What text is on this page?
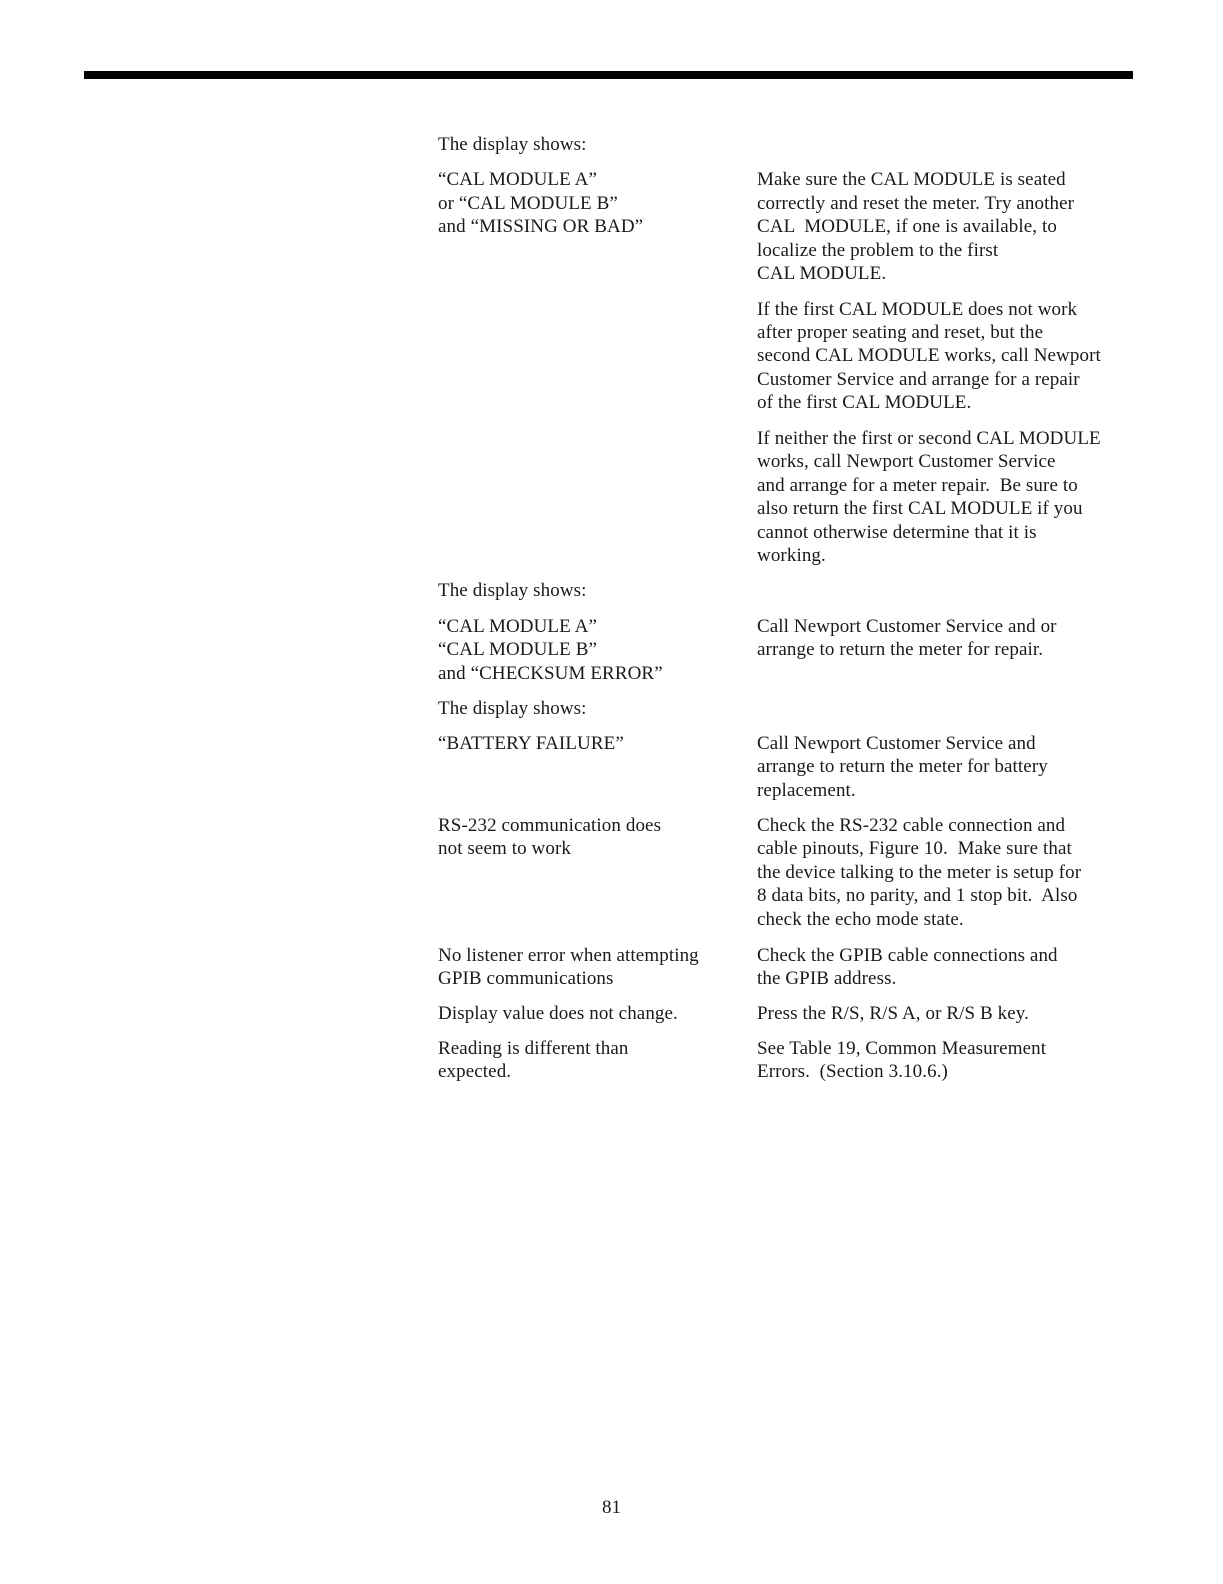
The display shows:
“CAL MODULE A”
or “CAL MODULE B”
and “MISSING OR BAD”
The display shows:
“CAL MODULE A”
“CAL MODULE B”
and “CHECKSUM ERROR”
The display shows:
“BATTERY FAILURE”
RS-232 communication does
not seem to work
No listener error when attempting
GPIB communications
Display value does not change.
Reading is different than
expected.
Make sure the CAL MODULE is seated
correctly and reset the meter. Try another
CAL  MODULE, if one is available, to
localize the problem to the first
CAL MODULE.
If the first CAL MODULE does not work
after proper seating and reset, but the
second CAL MODULE works, call Newport
Customer Service and arrange for a repair
of the first CAL MODULE.
If neither the first or second CAL MODULE
works, call Newport Customer Service
and arrange for a meter repair.  Be sure to
also return the first CAL MODULE if you
cannot otherwise determine that it is
working.
Call Newport Customer Service and or
arrange to return the meter for repair.
Call Newport Customer Service and
arrange to return the meter for battery
replacement.
Check the RS-232 cable connection and
cable pinouts, Figure 10.  Make sure that
the device talking to the meter is setup for
8 data bits, no parity, and 1 stop bit.  Also
check the echo mode state.
Check the GPIB cable connections and
the GPIB address.
Press the R/S, R/S A, or R/S B key.
See Table 19, Common Measurement
Errors.  (Section 3.10.6.)
81
